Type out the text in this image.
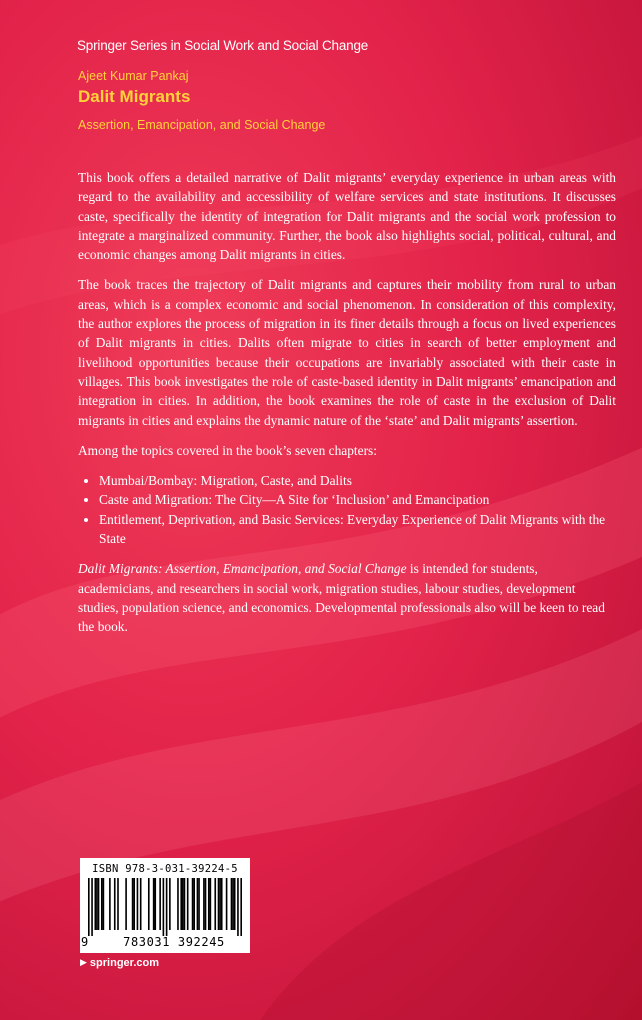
Springer Series in Social Work and Social Change
Ajeet Kumar Pankaj
Dalit Migrants
Assertion, Emancipation, and Social Change

This book offers a detailed narrative of Dalit migrants’ everyday experience in urban areas with regard to the availability and accessibility of welfare services and state institutions. It discusses caste, specifically the identity of integration for Dalit migrants and the social work profession to integrate a marginalized community. Further, the book also highlights social, political, cultural, and economic changes among Dalit migrants in cities.

The book traces the trajectory of Dalit migrants and captures their mobility from rural to urban areas, which is a complex economic and social phenomenon. In consideration of this complexity, the author explores the process of migration in its finer details through a focus on lived experiences of Dalit migrants in cities. Dalits often migrate to cities in search of better employment and livelihood opportunities because their occupations are invariably associated with their caste in villages. This book investigates the role of caste-based identity in Dalit migrants’ emancipation and integration in cities. In addition, the book examines the role of caste in the exclusion of Dalit migrants in cities and explains the dynamic nature of the ‘state’ and Dalit migrants’ assertion.

Among the topics covered in the book’s seven chapters:

• Mumbai/Bombay: Migration, Caste, and Dalits
• Caste and Migration: The City—A Site for ‘Inclusion’ and Emancipation
• Entitlement, Deprivation, and Basic Services: Everyday Experience of Dalit Migrants with the State

Dalit Migrants: Assertion, Emancipation, and Social Change is intended for students, academicians, and researchers in social work, migration studies, labour studies, development studies, population science, and economics. Developmental professionals also will be keen to read the book.

ISBN 978-3-031-39224-5
9	783031 392245
▶ springer.com
